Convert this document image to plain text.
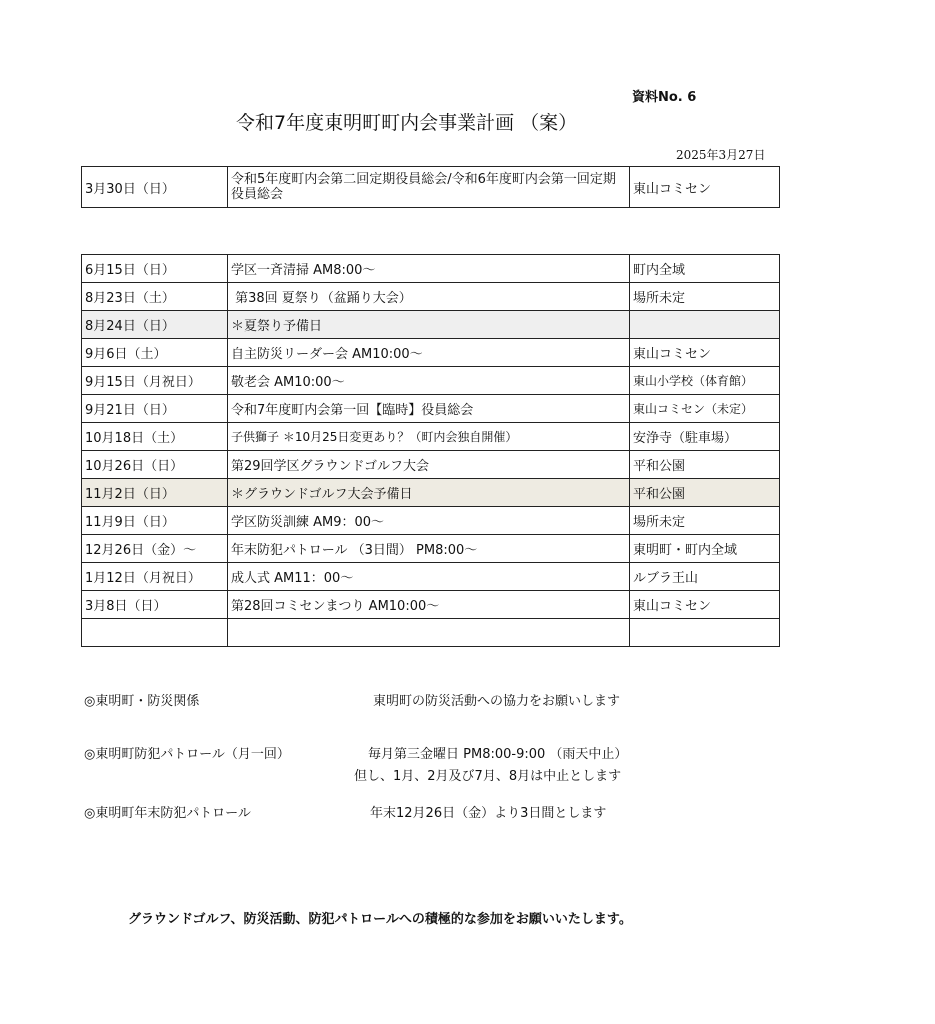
資料No. 6
令和7年度東明町町内会事業計画 （案）
2025年3月27日
3月30日（日）	令和5年度町内会第二回定期役員総会/令和6年度町内会第一回定期役員総会	東山コミセン
6月15日（日）	学区一斉清掃 AM8:00～	町内全域
8月23日（土）	第38回 夏祭り（盆踊り大会）	場所未定
8月24日（日）	＊夏祭り予備日	
9月6日（土）	自主防災リーダー会 AM10:00～	東山コミセン
9月15日（月祝日）	敬老会 AM10:00～	東山小学校（体育館）
9月21日（日）	令和7年度町内会第一回【臨時】役員総会	東山コミセン（未定）
10月18日（土）	子供獅子 ＊10月25日変更あり？（町内会独自開催）	安浄寺（駐車場）
10月26日（日）	第29回学区グラウンドゴルフ大会	平和公園
11月2日（日）	＊グラウンドゴルフ大会予備日	平和公園
11月9日（日）	学区防災訓練 AM9：00～	場所未定
12月26日（金）～	年末防犯パトロール （3日間） PM8:00～	東明町・町内全域
1月12日（月祝日）	成人式 AM11：00～	ルブラ王山
3月8日（日）	第28回コミセンまつり AM10:00～	東山コミセン

◎東明町・防災関係	東明町の防災活動への協力をお願いします
◎東明町防犯パトロール（月一回）	毎月第三金曜日 PM8:00-9:00 （雨天中止）
但し、1月、2月及び7月、8月は中止とします
◎東明町年末防犯パトロール	年末12月26日（金）より3日間とします
グラウンドゴルフ、防災活動、防犯パトロールへの積極的な参加をお願いいたします。
